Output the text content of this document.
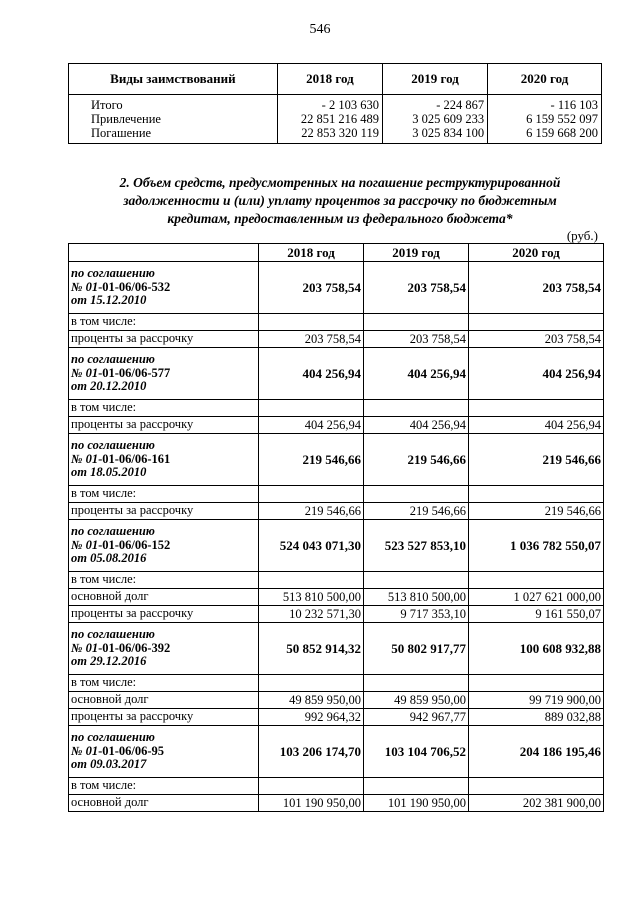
546
Виды заимствований	2018 год	2019 год	2020 год
Итого	- 2 103 630	- 224 867	- 116 103
Привлечение	22 851 216 489	3 025 609 233	6 159 552 097
Погашение	22 853 320 119	3 025 834 100	6 159 668 200
2. Объем средств, предусмотренных на погашение реструктурированной
задолженности и (или) уплату процентов за рассрочку по бюджетным
кредитам, предоставленным из федерального бюджета*
(руб.)
	2018 год	2019 год	2020 год

по соглашению
№ 01-01-06/06-532
от 15.12.2010	203 758,54	203 758,54	203 758,54
в том числе:			
проценты за рассрочку	203 758,54	203 758,54	203 758,54

по соглашению
№ 01-01-06/06-577
от 20.12.2010	404 256,94	404 256,94	404 256,94
в том числе:			
проценты за рассрочку	404 256,94	404 256,94	404 256,94

по соглашению
№ 01-01-06/06-161
от 18.05.2010	219 546,66	219 546,66	219 546,66
в том числе:			
проценты за рассрочку	219 546,66	219 546,66	219 546,66

по соглашению
№ 01-01-06/06-152
от 05.08.2016	524 043 071,30	523 527 853,10	1 036 782 550,07
в том числе:			
основной долг	513 810 500,00	513 810 500,00	1 027 621 000,00
проценты за рассрочку	10 232 571,30	9 717 353,10	9 161 550,07

по соглашению
№ 01-01-06/06-392
от 29.12.2016	50 852 914,32	50 802 917,77	100 608 932,88
в том числе:			
основной долг	49 859 950,00	49 859 950,00	99 719 900,00
проценты за рассрочку	992 964,32	942 967,77	889 032,88

по соглашению
№ 01-01-06/06-95
от 09.03.2017	103 206 174,70	103 104 706,52	204 186 195,46
в том числе:			
основной долг	101 190 950,00	101 190 950,00	202 381 900,00
